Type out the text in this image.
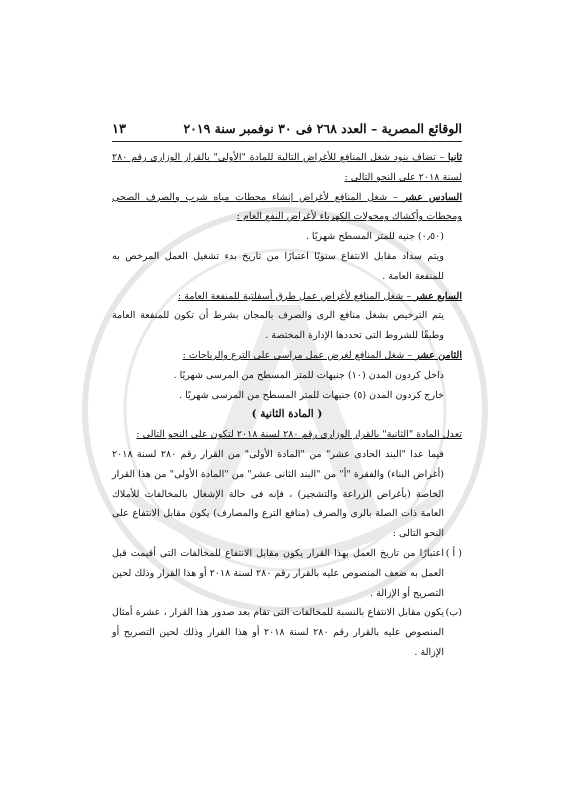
الوقائع المصرية – العدد ٢٦٨ فى ٣٠ نوفمبر سنة ٢٠١٩
١٣

ثانيا – تضاف بنود شغل المنافع للأغراض التالية للمادة "الأولى" بالقرار الوزارى رقم ٢٨٠ لسنة ٢٠١٨ على النحو التالى :

السادس عشر – شغل المنافع لأغراض إنشاء محطات مياه شرب والصرف الصحى ومحطات وأكشاك ومحولات الكهرباء لأغراض النفع العام :

(٠٫٥٠) جنيه للمتر المسطح شهريًا .

ويتم سداد مقابل الانتفاع سنويًا اعتبارًا من تاريخ بدء تشغيل العمل المرخص به للمنفعة العامة .

السابع عشر – شغل المنافع لأغراض عمل طرق أسفلتية للمنفعة العامة :

يتم الترخيص بشغل منافع الرى والصرف بالمجان بشرط أن تكون للمنفعة العامة وطبقًا للشروط التى تحددها الإدارة المختصة .

الثامن عشر – شغل المنافع لغرض عمل مراسى على الترع والرياحات :

داخل كردون المدن (١٠) جنيهات للمتر المسطح من المرسى شهريًا .

خارج كردون المدن (٥) جنيهات للمتر المسطح من المرسى شهريًا .

( المادة الثانية )

تعدل المادة "الثانية" بالقرار الوزارى رقم ٢٨٠ لسنة ٢٠١٨ لتكون على النحو التالى :

فيما عدا "البند الحادى عشر" من "المادة الأولى" من القرار رقم ٢٨٠ لسنة ٢٠١٨ (أغراض البناء) والفقرة "أ" من "البند الثانى عشر" من "المادة الأولى" من هذا القرار الخاصة (بأغراض الزراعة والتشجير) ، فإنه فى حالة الإشغال بالمخالفات للأملاك العامة ذات الصلة بالرى والصرف (منافع الترع والمصارف) يكون مقابل الانتفاع على النحو التالى :

( أ )
اعتبارًا من تاريخ العمل بهذا القرار يكون مقابل الانتفاع للمخالفات التى أقيمت قبل العمل به ضعف المنصوص عليه بالقرار رقم ٢٨٠ لسنة ٢٠١٨ أو هذا القرار وذلك لحين التصريح أو الإزالة .
(ب)
يكون مقابل الانتفاع بالنسبة للمخالفات التى تقام بعد صدور هذا القرار ، عشرة أمثال المنصوص عليه بالقرار رقم ٢٨٠ لسنة ٢٠١٨ أو هذا القرار وذلك لحين التصريح أو الإزالة .
